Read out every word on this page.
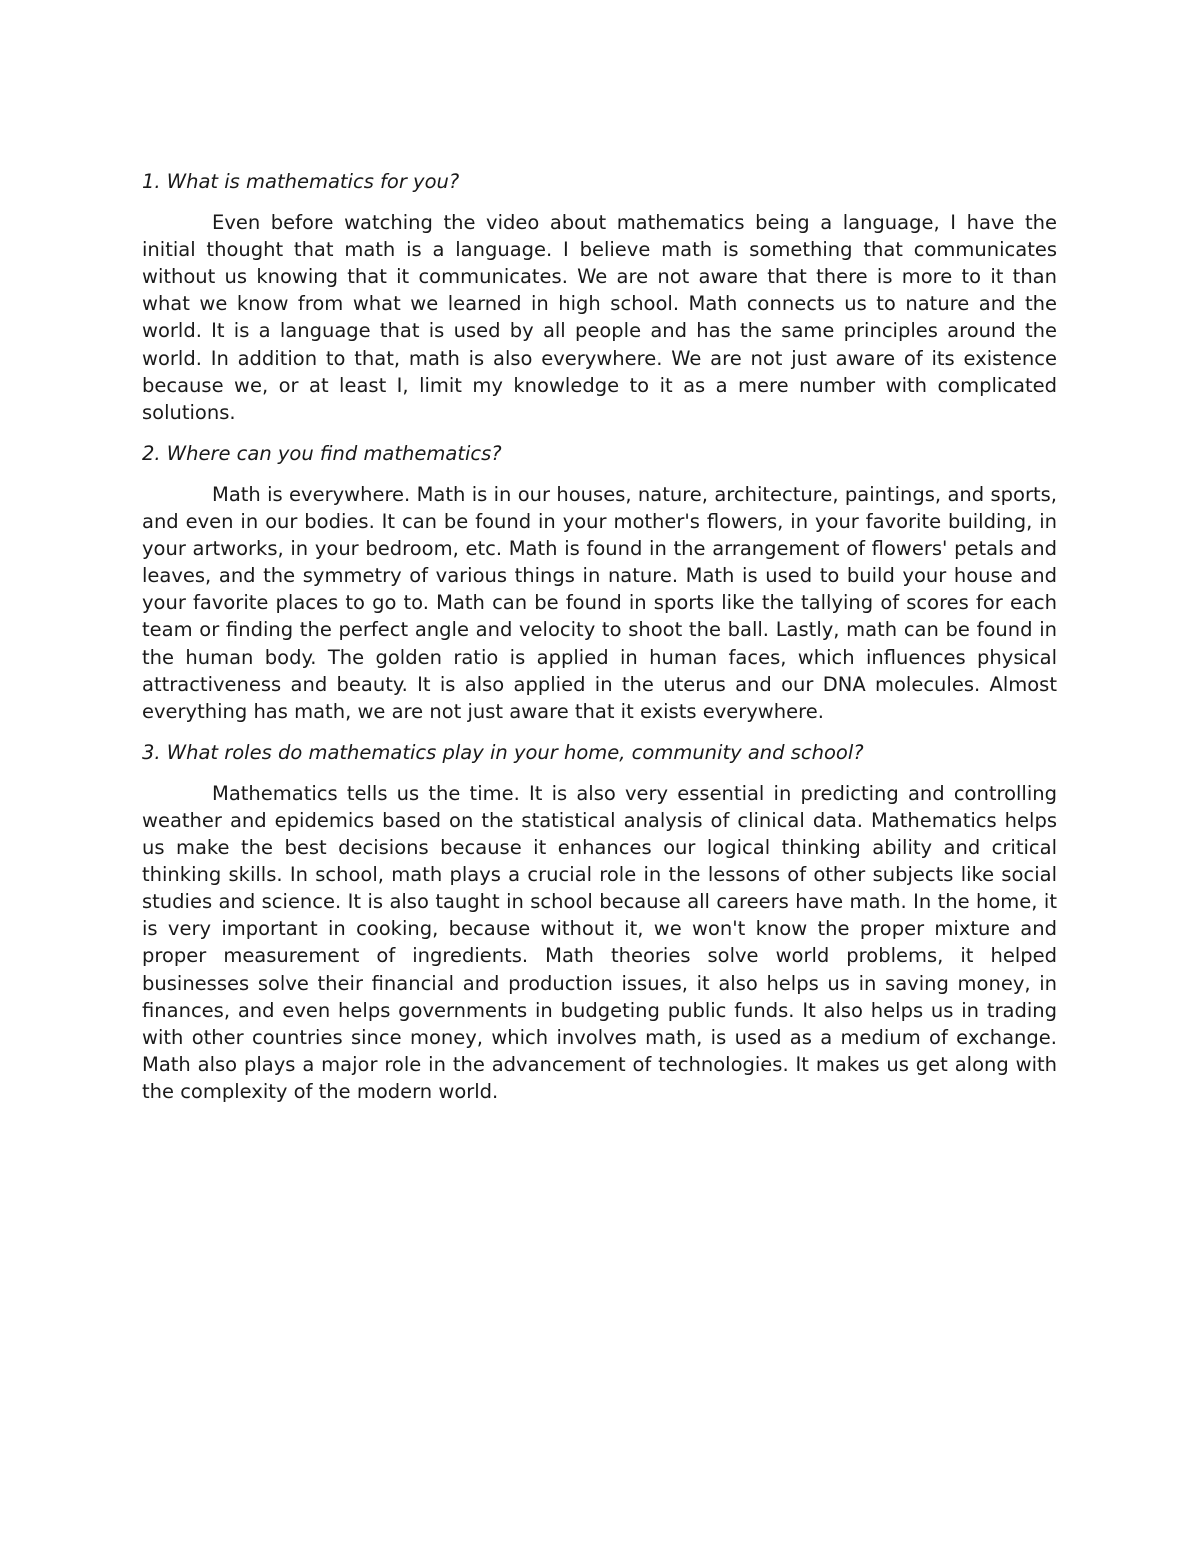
1. What is mathematics for you?

Even before watching the video about mathematics being a language, I have the initial thought that math is a language. I believe math is something that communicates without us knowing that it communicates. We are not aware that there is more to it than what we know from what we learned in high school. Math connects us to nature and the world. It is a language that is used by all people and has the same principles around the world. In addition to that, math is also everywhere. We are not just aware of its existence because we, or at least I, limit my knowledge to it as a mere number with complicated solutions.

2. Where can you find mathematics?

Math is everywhere. Math is in our houses, nature, architecture, paintings, and sports, and even in our bodies. It can be found in your mother's flowers, in your favorite building, in your artworks, in your bedroom, etc. Math is found in the arrangement of flowers' petals and leaves, and the symmetry of various things in nature. Math is used to build your house and your favorite places to go to. Math can be found in sports like the tallying of scores for each team or finding the perfect angle and velocity to shoot the ball. Lastly, math can be found in the human body. The golden ratio is applied in human faces, which influences physical attractiveness and beauty. It is also applied in the uterus and our DNA molecules. Almost everything has math, we are not just aware that it exists everywhere.

3. What roles do mathematics play in your home, community and school?

Mathematics tells us the time. It is also very essential in predicting and controlling weather and epidemics based on the statistical analysis of clinical data. Mathematics helps us make the best decisions because it enhances our logical thinking ability and critical thinking skills. In school, math plays a crucial role in the lessons of other subjects like social studies and science. It is also taught in school because all careers have math. In the home, it is very important in cooking, because without it, we won't know the proper mixture and proper measurement of ingredients. Math theories solve world problems, it helped businesses solve their financial and production issues, it also helps us in saving money, in finances, and even helps governments in budgeting public funds. It also helps us in trading with other countries since money, which involves math, is used as a medium of exchange. Math also plays a major role in the advancement of technologies. It makes us get along with the complexity of the modern world.
